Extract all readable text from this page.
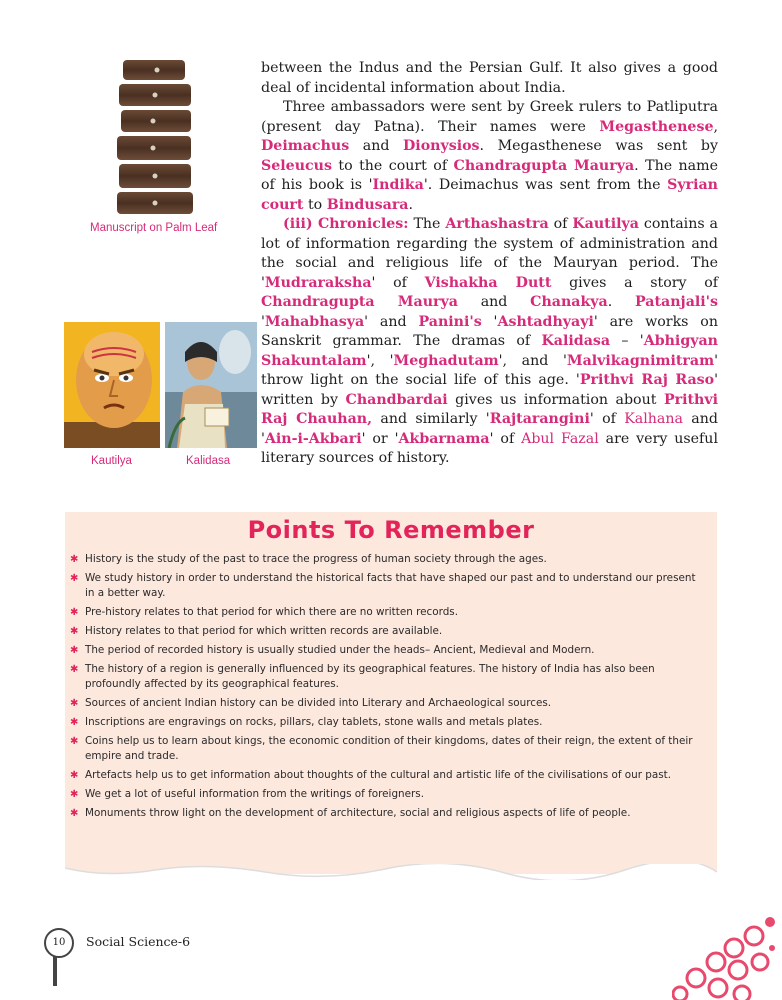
Manuscript on Palm Leaf
Kautilya	Kalidasa

between the Indus and the Persian Gulf. It also gives a good deal of incidental information about India.

Three ambassadors were sent by Greek rulers to Patliputra (present day Patna). Their names were Megasthenese, Deimachus and Dionysios. Megasthenese was sent by Seleucus to the court of Chandragupta Maurya. The name of his book is 'Indika'. Deimachus was sent from the Syrian court to Bindusara.

(iii) Chronicles: The Arthashastra of Kautilya contains a lot of information regarding the system of administration and the social and religious life of the Mauryan period. The 'Mudraraksha' of Vishakha Dutt gives a story of Chandragupta Maurya and Chanakya. Patanjali's 'Mahabhasya' and Panini's 'Ashtadhyayi' are works on Sanskrit grammar. The dramas of Kalidasa – 'Abhigyan Shakuntalam', 'Meghadutam', and 'Malvikagnimitram' throw light on the social life of this age. 'Prithvi Raj Raso' written by Chandbardai gives us information about Prithvi Raj Chauhan, and similarly 'Rajtarangini' of Kalhana and 'Ain-i-Akbari' or 'Akbarnama' of Abul Fazal are very useful literary sources of history.

Points To Remember
✱ History is the study of the past to trace the progress of human society through the ages.
✱ We study history in order to understand the historical facts that have shaped our past and to understand our present in a better way.
✱ Pre-history relates to that period for which there are no written records.
✱ History relates to that period for which written records are available.
✱ The period of recorded history is usually studied under the heads– Ancient, Medieval and Modern.
✱ The history of a region is generally influenced by its geographical features. The history of India has also been profoundly affected by its geographical features.
✱ Sources of ancient Indian history can be divided into Literary and Archaeological sources.
✱ Inscriptions are engravings on rocks, pillars, clay tablets, stone walls and metals plates.
✱ Coins help us to learn about kings, the economic condition of their kingdoms, dates of their reign, the extent of their empire and trade.
✱ Artefacts help us to get information about thoughts of the cultural and artistic life of the civilisations of our past.
✱ We get a lot of useful information from the writings of foreigners.
✱ Monuments throw light on the development of architecture, social and religious aspects of life of people.
10	Social Science-6
